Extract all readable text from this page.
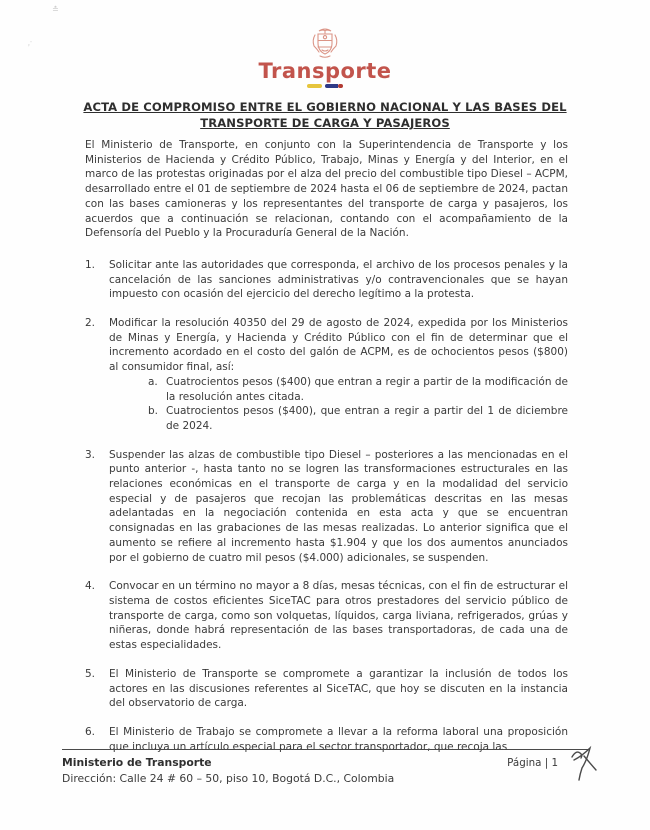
≛
‚·
Transporte
ACTA DE COMPROMISO ENTRE EL GOBIERNO NACIONAL Y LAS BASES DEL
TRANSPORTE DE CARGA Y PASAJEROS

El Ministerio de Transporte, en conjunto con la Superintendencia de Transporte y los Ministerios de Hacienda y Crédito Público, Trabajo, Minas y Energía y del Interior, en el marco de las protestas originadas por el alza del precio del combustible tipo Diesel – ACPM, desarrollado entre el 01 de septiembre de 2024 hasta el 06 de septiembre de 2024, pactan con las bases camioneras y los representantes del transporte de carga y pasajeros, los acuerdos que a continuación se relacionan, contando con el acompañamiento de la Defensoría del Pueblo y la Procuraduría General de la Nación.

1.	Solicitar ante las autoridades que corresponda, el archivo de los procesos penales y la cancelación de las sanciones administrativas y/o contravencionales que se hayan impuesto con ocasión del ejercicio del derecho legítimo a la protesta.
2.	Modificar la resolución 40350 del 29 de agosto de 2024, expedida por los Ministerios de Minas y Energía, y Hacienda y Crédito Público con el fin de determinar que el incremento acordado en el costo del galón de ACPM, es de ochocientos pesos ($800) al consumidor final, así:
a. Cuatrocientos pesos ($400) que entran a regir a partir de la modificación de la resolución antes citada.
b. Cuatrocientos pesos ($400), que entran a regir a partir del 1 de diciembre de 2024.
3.	Suspender las alzas de combustible tipo Diesel – posteriores a las mencionadas en el punto anterior -, hasta tanto no se logren las transformaciones estructurales en las relaciones económicas en el transporte de carga y en la modalidad del servicio especial y de pasajeros que recojan las problemáticas descritas en las mesas adelantadas en la negociación contenida en esta acta y que se encuentran consignadas en las grabaciones de las mesas realizadas. Lo anterior significa que el aumento se refiere al incremento hasta $1.904 y que los dos aumentos anunciados por el gobierno de cuatro mil pesos ($4.000) adicionales, se suspenden.
4.	Convocar en un término no mayor a 8 días, mesas técnicas, con el fin de estructurar el sistema de costos eficientes SiceTAC para otros prestadores del servicio público de transporte de carga, como son volquetas, líquidos, carga liviana, refrigerados, grúas y niñeras, donde habrá representación de las bases transportadoras, de cada una de estas especialidades.
5.	El Ministerio de Transporte se compromete a garantizar la inclusión de todos los actores en las discusiones referentes al SiceTAC, que hoy se discuten en la instancia del observatorio de carga.
6.	El Ministerio de Trabajo se compromete a llevar a la reforma laboral una proposición que incluya un artículo especial para el sector transportador, que recoja las
Ministerio de Transporte	Página | 1
Dirección: Calle 24 # 60 – 50, piso 10, Bogotá D.C., Colombia
